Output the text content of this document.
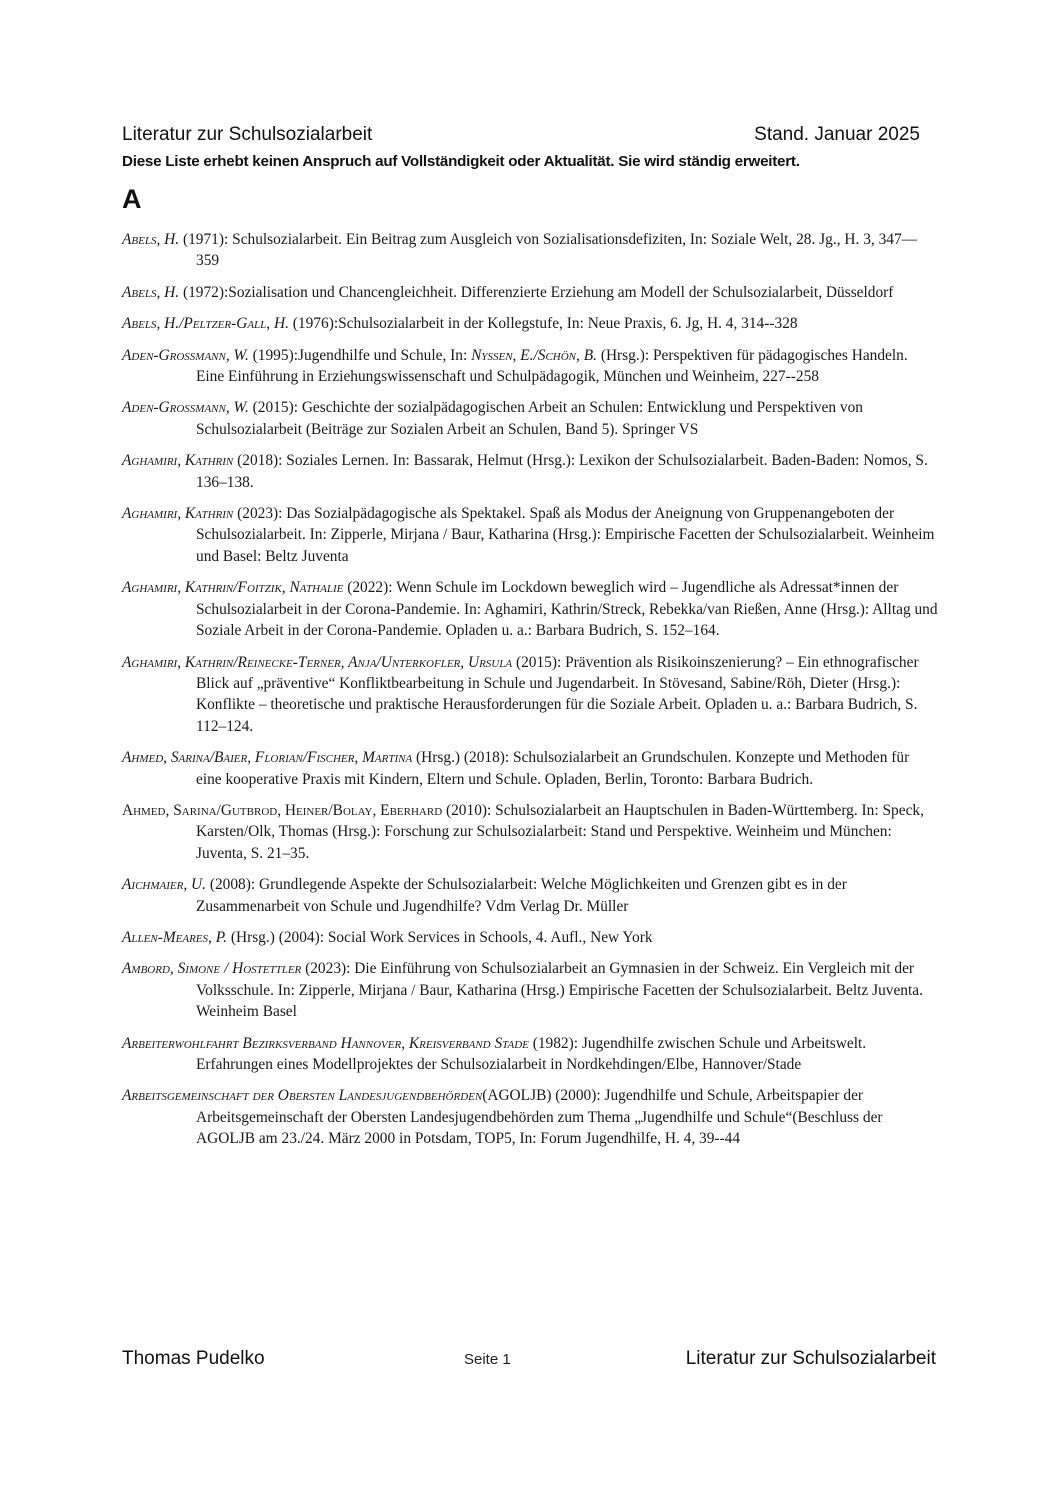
Literatur zur Schulsozialarbeit	Stand. Januar 2025
Diese Liste erhebt keinen Anspruch auf Vollständigkeit oder Aktualität. Sie wird ständig erweitert.
A

Abels, H. (1971): Schulsozialarbeit. Ein Beitrag zum Ausgleich von Sozialisationsdefiziten, In: Soziale Welt, 28. Jg., H. 3, 347—359

Abels, H. (1972):Sozialisation und Chancengleichheit. Differenzierte Erziehung am Modell der Schulsozialarbeit, Düsseldorf

Abels, H./Peltzer-Gall, H. (1976):Schulsozialarbeit in der Kollegstufe, In: Neue Praxis, 6. Jg, H. 4, 314--328

Aden-Grossmann, W. (1995):Jugendhilfe und Schule, In: Nyssen, E./Schön, B. (Hrsg.): Perspektiven für pädagogisches Handeln. Eine Einführung in Erziehungswissenschaft und Schulpädagogik, München und Weinheim, 227--258

Aden-Grossmann, W. (2015): Geschichte der sozialpädagogischen Arbeit an Schulen: Entwicklung und Perspektiven von Schulsozialarbeit (Beiträge zur Sozialen Arbeit an Schulen, Band 5). Springer VS

Aghamiri, Kathrin (2018): Soziales Lernen. In: Bassarak, Helmut (Hrsg.): Lexikon der Schulsozialarbeit. Baden-Baden: Nomos, S. 136–138.

Aghamiri, Kathrin (2023): Das Sozialpädagogische als Spektakel. Spaß als Modus der Aneignung von Gruppenangeboten der Schulsozialarbeit. In: Zipperle, Mirjana / Baur, Katharina (Hrsg.): Empirische Facetten der Schulsozialarbeit. Weinheim und Basel: Beltz Juventa

Aghamiri, Kathrin/Foitzik, Nathalie (2022): Wenn Schule im Lockdown beweglich wird – Jugendliche als Adressat*innen der Schulsozialarbeit in der Corona-Pandemie. In: Aghamiri, Kathrin/Streck, Rebekka/van Rießen, Anne (Hrsg.): Alltag und Soziale Arbeit in der Corona-Pandemie. Opladen u. a.: Barbara Budrich, S. 152–164.

Aghamiri, Kathrin/Reinecke-Terner, Anja/Unterkofler, Ursula (2015): Prävention als Risikoinszenierung? – Ein ethnografischer Blick auf „präventive“ Konfliktbearbeitung in Schule und Jugendarbeit. In Stövesand, Sabine/Röh, Dieter (Hrsg.): Konflikte – theoretische und praktische Herausforderungen für die Soziale Arbeit. Opladen u. a.: Barbara Budrich, S. 112–124.

Ahmed, Sarina/Baier, Florian/Fischer, Martina (Hrsg.) (2018): Schulsozialarbeit an Grundschulen. Konzepte und Methoden für eine kooperative Praxis mit Kindern, Eltern und Schule. Opladen, Berlin, Toronto: Barbara Budrich.

Ahmed, Sarina/Gutbrod, Heiner/Bolay, Eberhard (2010): Schulsozialarbeit an Hauptschulen in Baden-Württemberg. In: Speck, Karsten/Olk, Thomas (Hrsg.): Forschung zur Schulsozialarbeit: Stand und Perspektive. Weinheim und München: Juventa, S. 21–35.

Aichmaier, U. (2008): Grundlegende Aspekte der Schulsozialarbeit: Welche Möglichkeiten und Grenzen gibt es in der Zusammenarbeit von Schule und Jugendhilfe? Vdm Verlag Dr. Müller

Allen-Meares, P. (Hrsg.) (2004): Social Work Services in Schools, 4. Aufl., New York

Ambord, Simone / Hostettler (2023): Die Einführung von Schulsozialarbeit an Gymnasien in der Schweiz. Ein Vergleich mit der Volksschule. In: Zipperle, Mirjana / Baur, Katharina (Hrsg.) Empirische Facetten der Schulsozialarbeit. Beltz Juventa. Weinheim Basel

Arbeiterwohlfahrt Bezirksverband Hannover, Kreisverband Stade (1982): Jugendhilfe zwischen Schule und Arbeitswelt. Erfahrungen eines Modellprojektes der Schulsozialarbeit in Nordkehdingen/Elbe, Hannover/Stade

Arbeitsgemeinschaft der Obersten Landesjugendbehörden(AGOLJB) (2000): Jugendhilfe und Schule, Arbeitspapier der Arbeitsgemeinschaft der Obersten Landesjugendbehörden zum Thema „Jugendhilfe und Schule“(Beschluss der AGOLJB am 23./24. März 2000 in Potsdam, TOP5, In: Forum Jugendhilfe, H. 4, 39--44

Thomas Pudelko	Seite 1	Literatur zur Schulsozialarbeit
